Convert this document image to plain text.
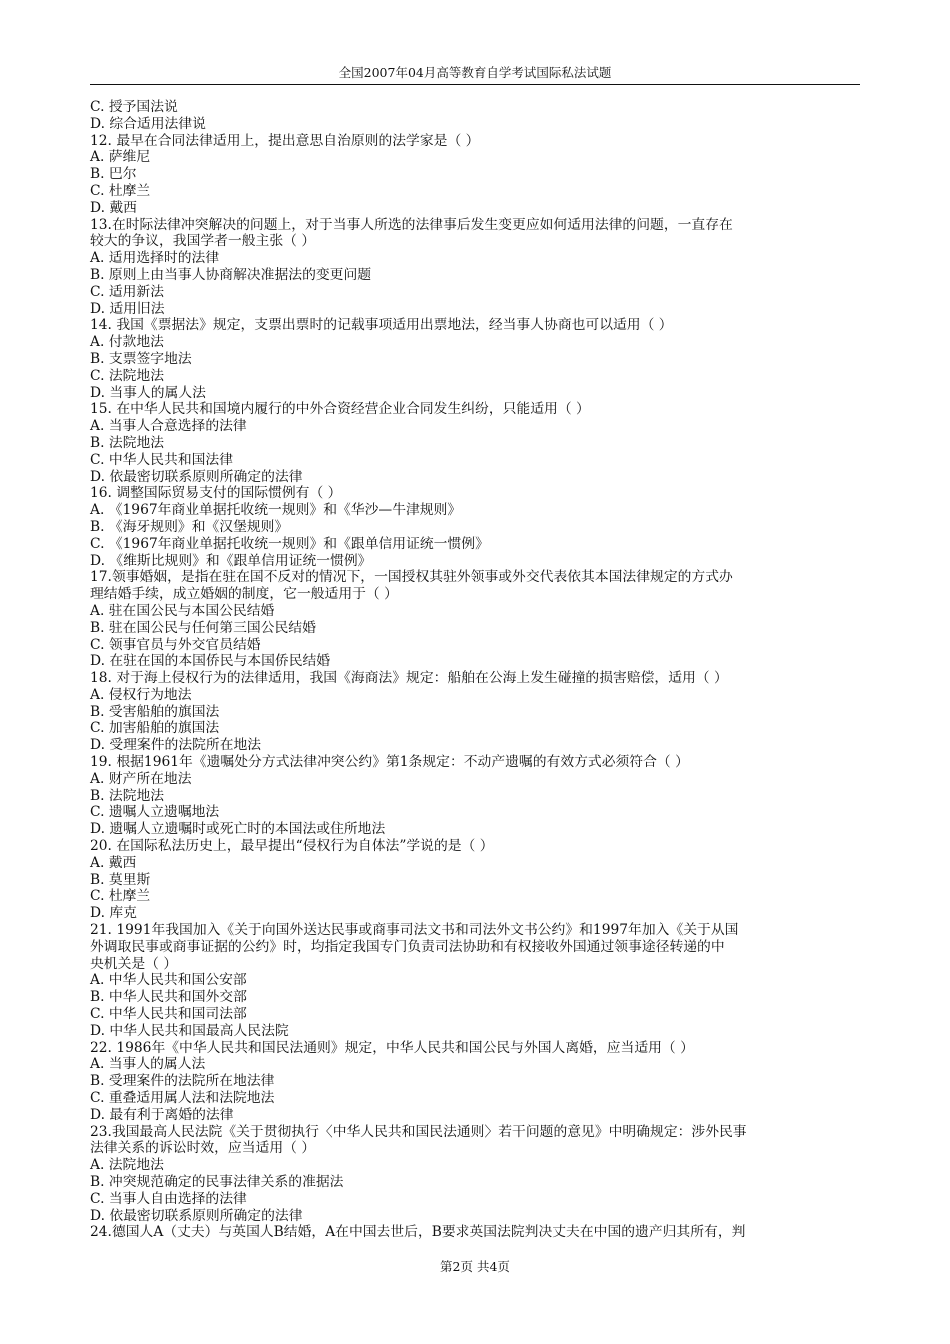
全国2007年04月高等教育自学考试国际私法试题
C. 授予国法说
D. 综合适用法律说
12. 最早在合同法律适用上，提出意思自治原则的法学家是（ ）
A. 萨维尼
B. 巴尔
C. 杜摩兰
D. 戴西
13.在时际法律冲突解决的问题上，对于当事人所选的法律事后发生变更应如何适用法律的问题，一直存在
较大的争议，我国学者一般主张（ ）
A. 适用选择时的法律
B. 原则上由当事人协商解决准据法的变更问题
C. 适用新法
D. 适用旧法
14. 我国《票据法》规定，支票出票时的记载事项适用出票地法，经当事人协商也可以适用（ ）
A. 付款地法
B. 支票签字地法
C. 法院地法
D. 当事人的属人法
15. 在中华人民共和国境内履行的中外合资经营企业合同发生纠纷，只能适用（ ）
A. 当事人合意选择的法律
B. 法院地法
C. 中华人民共和国法律
D. 依最密切联系原则所确定的法律
16. 调整国际贸易支付的国际惯例有（ ）
A. 《1967年商业单据托收统一规则》和《华沙—牛津规则》
B. 《海牙规则》和《汉堡规则》
C. 《1967年商业单据托收统一规则》和《跟单信用证统一惯例》
D. 《维斯比规则》和《跟单信用证统一惯例》
17.领事婚姻，是指在驻在国不反对的情况下，一国授权其驻外领事或外交代表依其本国法律规定的方式办
理结婚手续，成立婚姻的制度，它一般适用于（ ）
A. 驻在国公民与本国公民结婚
B. 驻在国公民与任何第三国公民结婚
C. 领事官员与外交官员结婚
D. 在驻在国的本国侨民与本国侨民结婚
18. 对于海上侵权行为的法律适用，我国《海商法》规定：船舶在公海上发生碰撞的损害赔偿，适用（ ）
A. 侵权行为地法
B. 受害船舶的旗国法
C. 加害船舶的旗国法
D. 受理案件的法院所在地法
19. 根据1961年《遗嘱处分方式法律冲突公约》第1条规定：不动产遗嘱的有效方式必须符合（ ）
A. 财产所在地法
B. 法院地法
C. 遗嘱人立遗嘱地法
D. 遗嘱人立遗嘱时或死亡时的本国法或住所地法
20. 在国际私法历史上，最早提出“侵权行为自体法”学说的是（ ）
A. 戴西
B. 莫里斯
C. 杜摩兰
D. 库克
21. 1991年我国加入《关于向国外送达民事或商事司法文书和司法外文书公约》和1997年加入《关于从国
外调取民事或商事证据的公约》时，均指定我国专门负责司法协助和有权接收外国通过领事途径转递的中
央机关是（ ）
A. 中华人民共和国公安部
B. 中华人民共和国外交部
C. 中华人民共和国司法部
D. 中华人民共和国最高人民法院
22. 1986年《中华人民共和国民法通则》规定，中华人民共和国公民与外国人离婚，应当适用（ ）
A. 当事人的属人法
B. 受理案件的法院所在地法律
C. 重叠适用属人法和法院地法
D. 最有利于离婚的法律
23.我国最高人民法院《关于贯彻执行〈中华人民共和国民法通则〉若干问题的意见》中明确规定：涉外民事
法律关系的诉讼时效，应当适用（ ）
A. 法院地法
B. 冲突规范确定的民事法律关系的准据法
C. 当事人自由选择的法律
D. 依最密切联系原则所确定的法律
24.德国人A（丈夫）与英国人B结婚，A在中国去世后，B要求英国法院判决丈夫在中国的遗产归其所有，判
第2页 共4页
